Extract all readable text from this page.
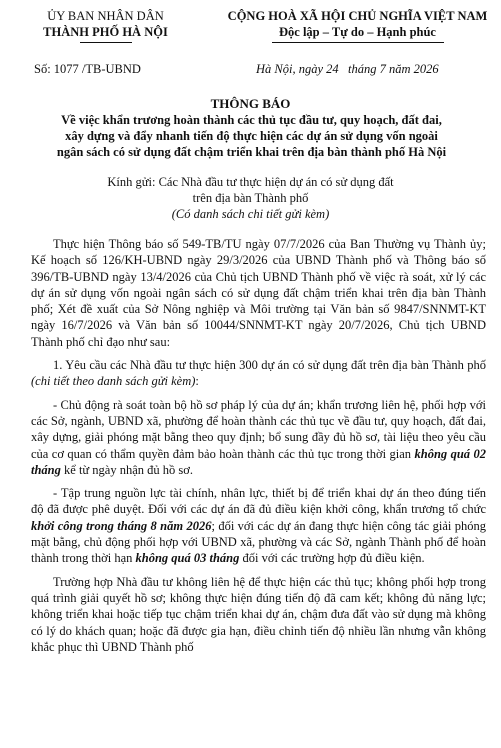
ỦY BAN NHÂN DÂN
THÀNH PHỐ HÀ NỘI
CỘNG HOÀ XÃ HỘI CHỦ NGHĨA VIỆT NAM
Độc lập – Tự do – Hạnh phúc
Số: 1077 /TB-UBND	Hà Nội, ngày 24   tháng 7 năm 2026
THÔNG BÁO
Về việc khẩn trương hoàn thành các thủ tục đầu tư, quy hoạch, đất đai,
xây dựng và đẩy nhanh tiến độ thực hiện các dự án sử dụng vốn ngoài
ngân sách có sử dụng đất chậm triển khai trên địa bàn thành phố Hà Nội
Kính gửi: Các Nhà đầu tư thực hiện dự án có sử dụng đất
trên địa bàn Thành phố
(Có danh sách chi tiết gửi kèm)

Thực hiện Thông báo số 549-TB/TU ngày 07/7/2026 của Ban Thường vụ Thành ủy; Kế hoạch số 126/KH-UBND ngày 29/3/2026 của UBND Thành phố và Thông báo số 396/TB-UBND ngày 13/4/2026 của Chủ tịch UBND Thành phố về việc rà soát, xử lý các dự án sử dụng vốn ngoài ngân sách có sử dụng đất chậm triển khai trên địa bàn Thành phố; Xét đề xuất của Sở Nông nghiệp và Môi trường tại Văn bản số 9847/SNNMT-KT ngày 16/7/2026 và Văn bản số 10044/SNNMT-KT ngày 20/7/2026, Chủ tịch UBND Thành phố chỉ đạo như sau:

1. Yêu cầu các Nhà đầu tư thực hiện 300 dự án có sử dụng đất trên địa bàn Thành phố (chi tiết theo danh sách gửi kèm):

- Chủ động rà soát toàn bộ hồ sơ pháp lý của dự án; khẩn trương liên hệ, phối hợp với các Sở, ngành, UBND xã, phường để hoàn thành các thủ tục về đầu tư, quy hoạch, đất đai, xây dựng, giải phóng mặt bằng theo quy định; bổ sung đầy đủ hồ sơ, tài liệu theo yêu cầu của cơ quan có thẩm quyền đảm bảo hoàn thành các thủ tục trong thời gian không quá 02 tháng kể từ ngày nhận đủ hồ sơ.

- Tập trung nguồn lực tài chính, nhân lực, thiết bị để triển khai dự án theo đúng tiến độ đã được phê duyệt. Đối với các dự án đã đủ điều kiện khởi công, khẩn trương tổ chức khởi công trong tháng 8 năm 2026; đối với các dự án đang thực hiện công tác giải phóng mặt bằng, chủ động phối hợp với UBND xã, phường và các Sở, ngành Thành phố để hoàn thành trong thời hạn không quá 03 tháng đối với các trường hợp đủ điều kiện.

Trường hợp Nhà đầu tư không liên hệ để thực hiện các thủ tục; không phối hợp trong quá trình giải quyết hồ sơ; không thực hiện đúng tiến độ đã cam kết; không đủ năng lực; không triển khai hoặc tiếp tục chậm triển khai dự án, chậm đưa đất vào sử dụng mà không có lý do khách quan; hoặc đã được gia hạn, điều chỉnh tiến độ nhiều lần nhưng vẫn không khắc phục thì UBND Thành phố
